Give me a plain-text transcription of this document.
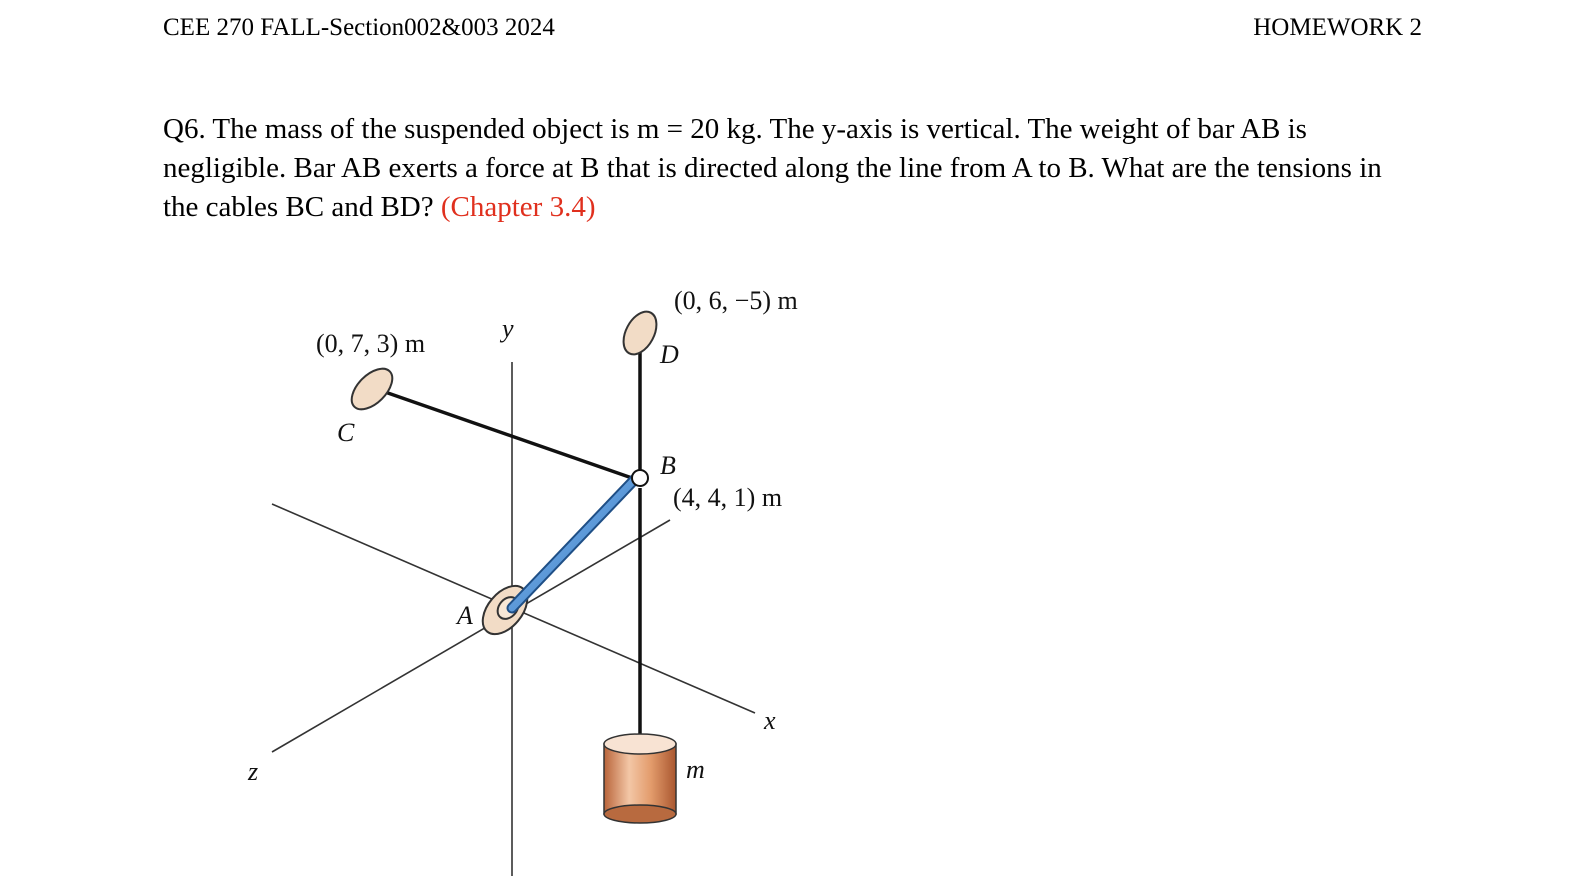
CEE 270 FALL-Section002&003 2024	HOMEWORK 2
Q6. The mass of the suspended object is m = 20 kg. The y-axis is vertical. The weight of bar AB is negligible. Bar AB exerts a force at B that is directed along the line from A to B. What are the tensions in the cables BC and BD? (Chapter 3.4)
(0, 6, −5) m
D
(0, 7, 3) m
C
y
B
(4, 4, 1) m
A
x
z	m
